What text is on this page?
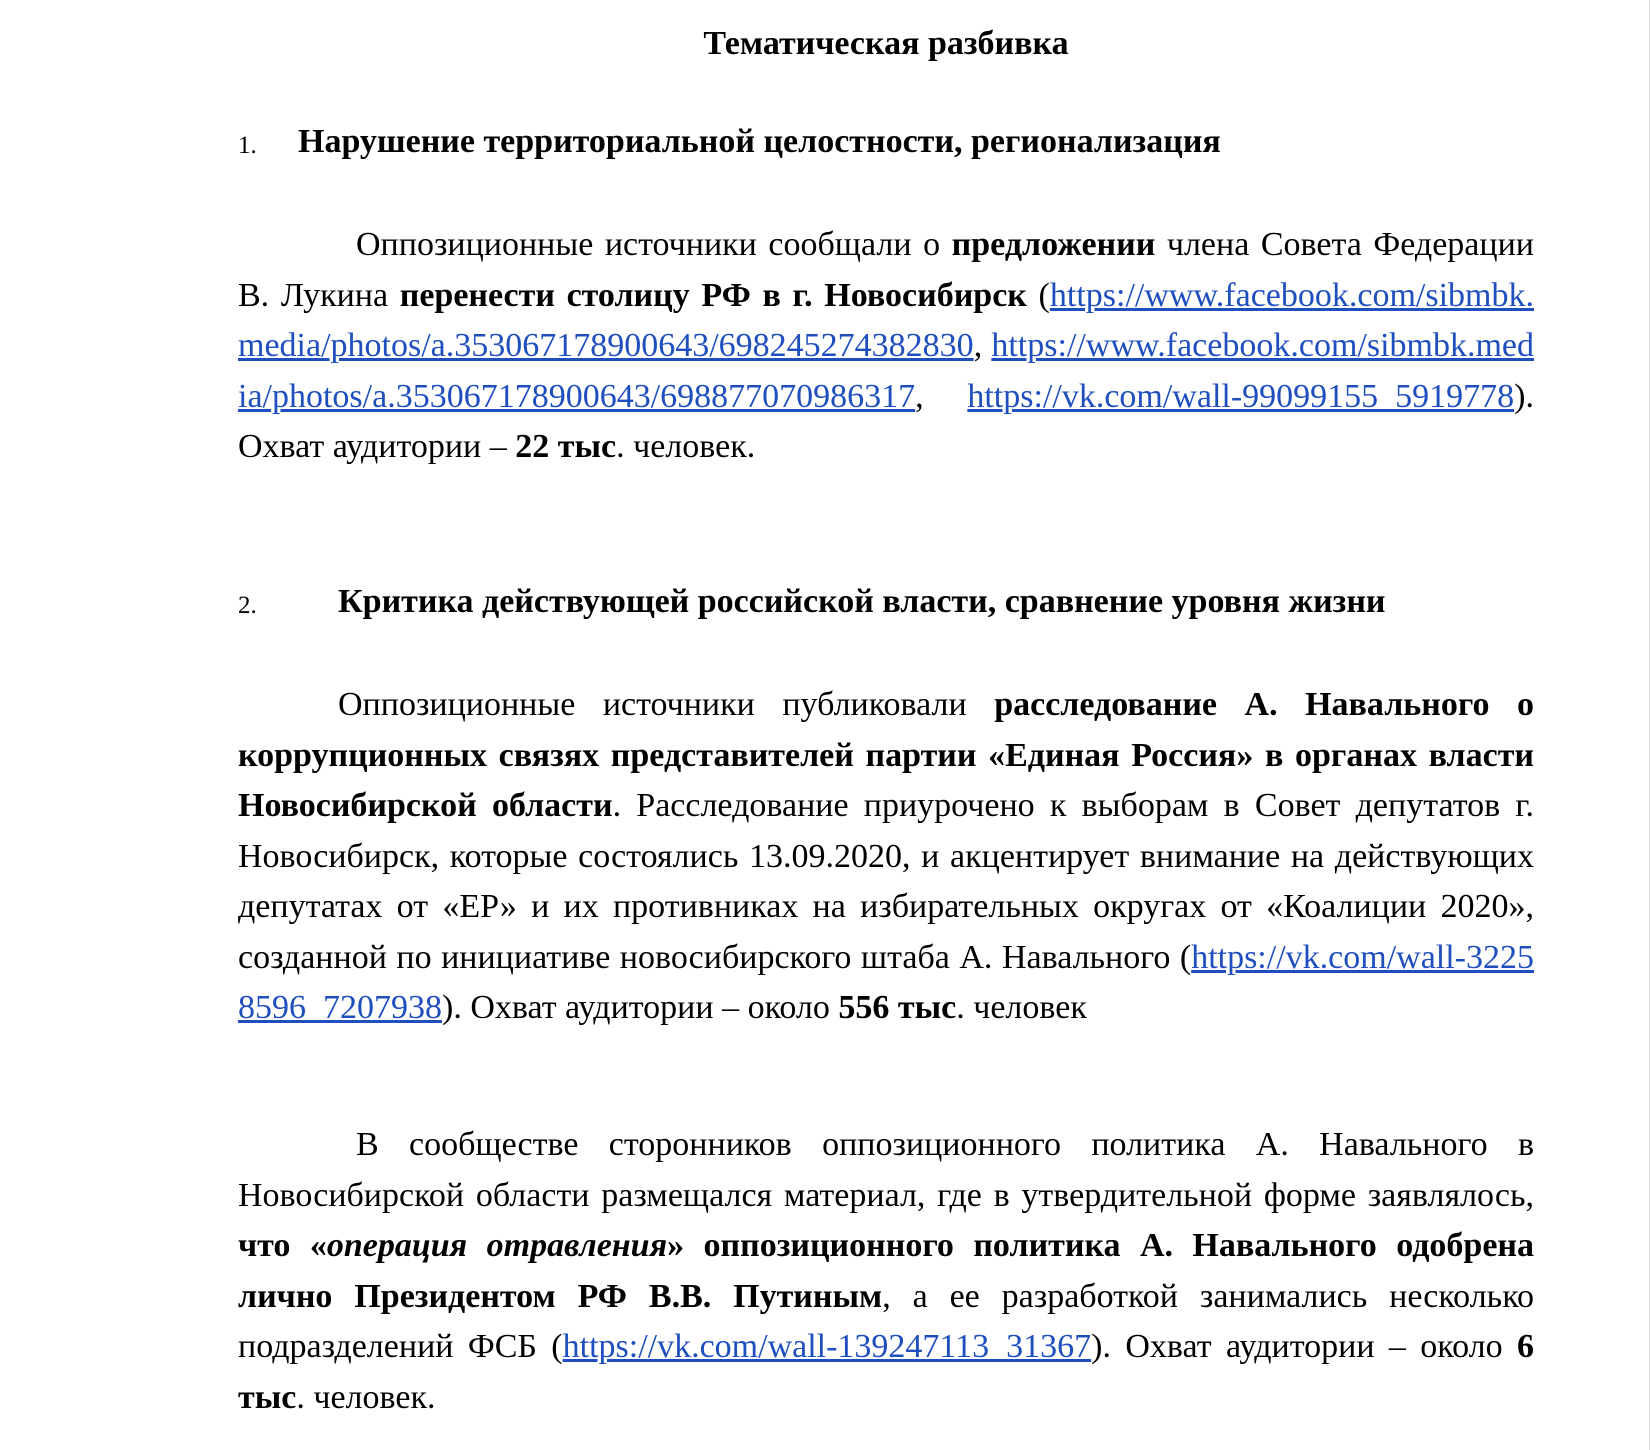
Тематическая разбивка
1. Нарушение территориальной целостности, регионализация

Оппозиционные источники сообщали о предложении члена Совета Федерации В. Лукина перенести столицу РФ в г. Новосибирск (https://www.facebook.com/sibmbk.media/photos/a.353067178900643/698245274382830, https://www.facebook.com/sibmbk.media/photos/a.353067178900643/698877070986317, https://vk.com/wall-99099155_5919778). Охват аудитории – 22 тыс. человек.

2. Критика действующей российской власти, сравнение уровня жизни

Оппозиционные источники публиковали расследование А. Навального о коррупционных связях представителей партии «Единая Россия» в органах власти Новосибирской области. Расследование приурочено к выборам в Совет депутатов г. Новосибирск, которые состоялись 13.09.2020, и акцентирует внимание на действующих депутатах от «ЕР» и их противниках на избирательных округах от «Коалиции 2020», созданной по инициативе новосибирского штаба А. Навального (https://vk.com/wall-32258596_7207938). Охват аудитории – около 556 тыс. человек

В сообществе сторонников оппозиционного политика А. Навального в Новосибирской области размещался материал, где в утвердительной форме заявлялось, что «операция отравления» оппозиционного политика А. Навального одобрена лично Президентом РФ В.В. Путиным, а ее разработкой занимались несколько подразделений ФСБ (https://vk.com/wall-139247113_31367). Охват аудитории – около 6 тыс. человек.
